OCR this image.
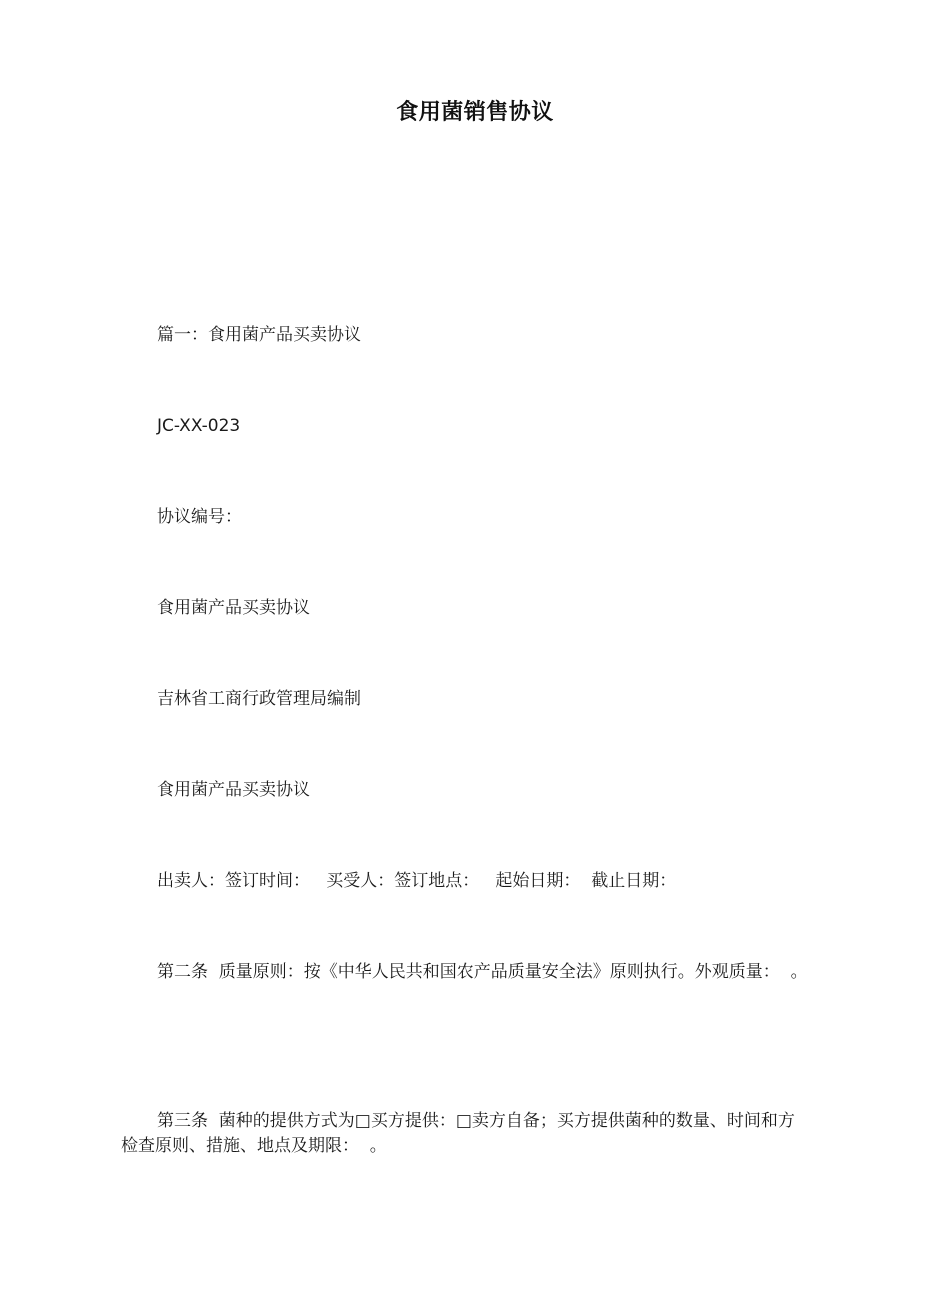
食用菌销售协议

篇一：食用菌产品买卖协议

JC-XX-023

协议编号：

食用菌产品买卖协议

吉林省工商行政管理局编制

食用菌产品买卖协议

出卖人：签订时间：   买受人：签订地点：   起始日期：  截止日期：

第二条  质量原则：按《中华人民共和国农产品质量安全法》原则执行。外观质量：  。

检查原则、措施、地点及期限：  。

第三条  菌种的提供方式为□买方提供：□卖方自备；买方提供菌种的数量、时间和方
